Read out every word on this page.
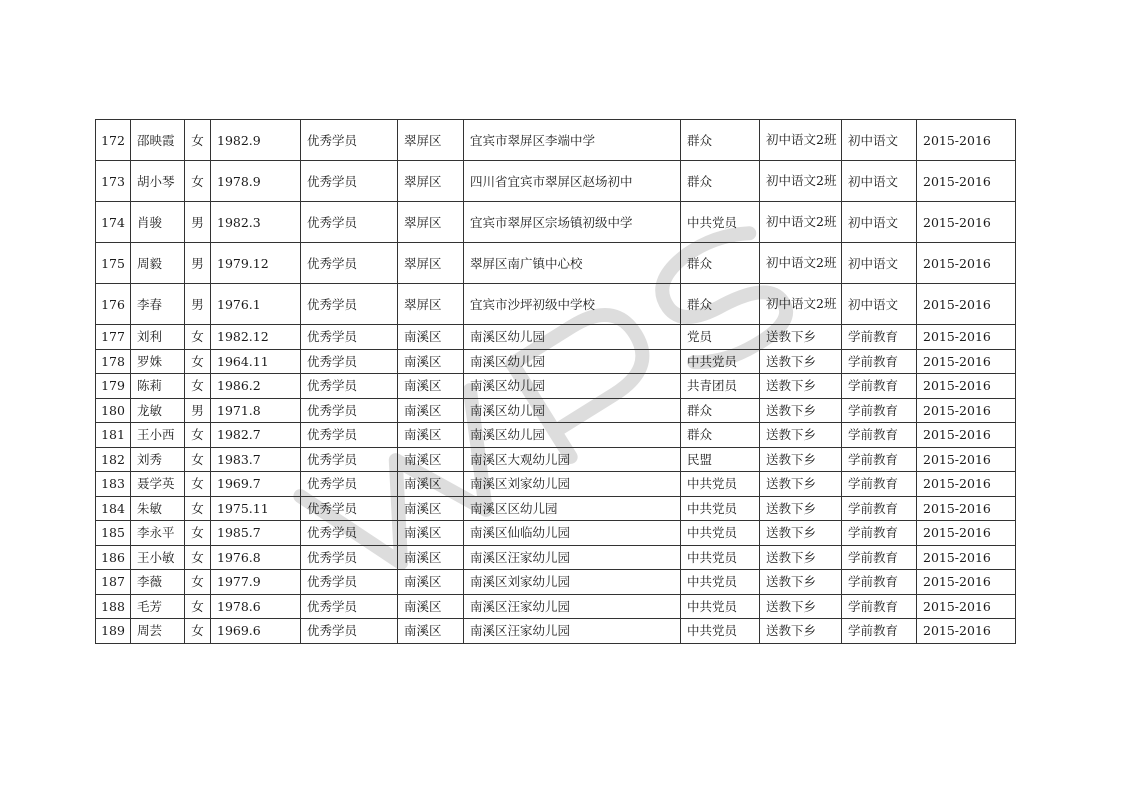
172	邵映霞	女	1982.9	优秀学员	翠屏区	宜宾市翠屏区李端中学	群众	初中语文2班	初中语文	2015-2016
173	胡小琴	女	1978.9	优秀学员	翠屏区	四川省宜宾市翠屏区赵场初中	群众	初中语文2班	初中语文	2015-2016
174	肖骏	男	1982.3	优秀学员	翠屏区	宜宾市翠屏区宗场镇初级中学	中共党员	初中语文2班	初中语文	2015-2016
175	周毅	男	1979.12	优秀学员	翠屏区	翠屏区南广镇中心校	群众	初中语文2班	初中语文	2015-2016
176	李春	男	1976.1	优秀学员	翠屏区	宜宾市沙坪初级中学校	群众	初中语文2班	初中语文	2015-2016
177	刘利	女	1982.12	优秀学员	南溪区	南溪区幼儿园	党员	送教下乡	学前教育	2015-2016
178	罗姝	女	1964.11	优秀学员	南溪区	南溪区幼儿园	中共党员	送教下乡	学前教育	2015-2016
179	陈莉	女	1986.2	优秀学员	南溪区	南溪区幼儿园	共青团员	送教下乡	学前教育	2015-2016
180	龙敏	男	1971.8	优秀学员	南溪区	南溪区幼儿园	群众	送教下乡	学前教育	2015-2016
181	王小西	女	1982.7	优秀学员	南溪区	南溪区幼儿园	群众	送教下乡	学前教育	2015-2016
182	刘秀	女	1983.7	优秀学员	南溪区	南溪区大观幼儿园	民盟	送教下乡	学前教育	2015-2016
183	聂学英	女	1969.7	优秀学员	南溪区	南溪区刘家幼儿园	中共党员	送教下乡	学前教育	2015-2016
184	朱敏	女	1975.11	优秀学员	南溪区	南溪区区幼儿园	中共党员	送教下乡	学前教育	2015-2016
185	李永平	女	1985.7	优秀学员	南溪区	南溪区仙临幼儿园	中共党员	送教下乡	学前教育	2015-2016
186	王小敏	女	1976.8	优秀学员	南溪区	南溪区汪家幼儿园	中共党员	送教下乡	学前教育	2015-2016
187	李薇	女	1977.9	优秀学员	南溪区	南溪区刘家幼儿园	中共党员	送教下乡	学前教育	2015-2016
188	毛芳	女	1978.6	优秀学员	南溪区	南溪区汪家幼儿园	中共党员	送教下乡	学前教育	2015-2016
189	周芸	女	1969.6	优秀学员	南溪区	南溪区汪家幼儿园	中共党员	送教下乡	学前教育	2015-2016
